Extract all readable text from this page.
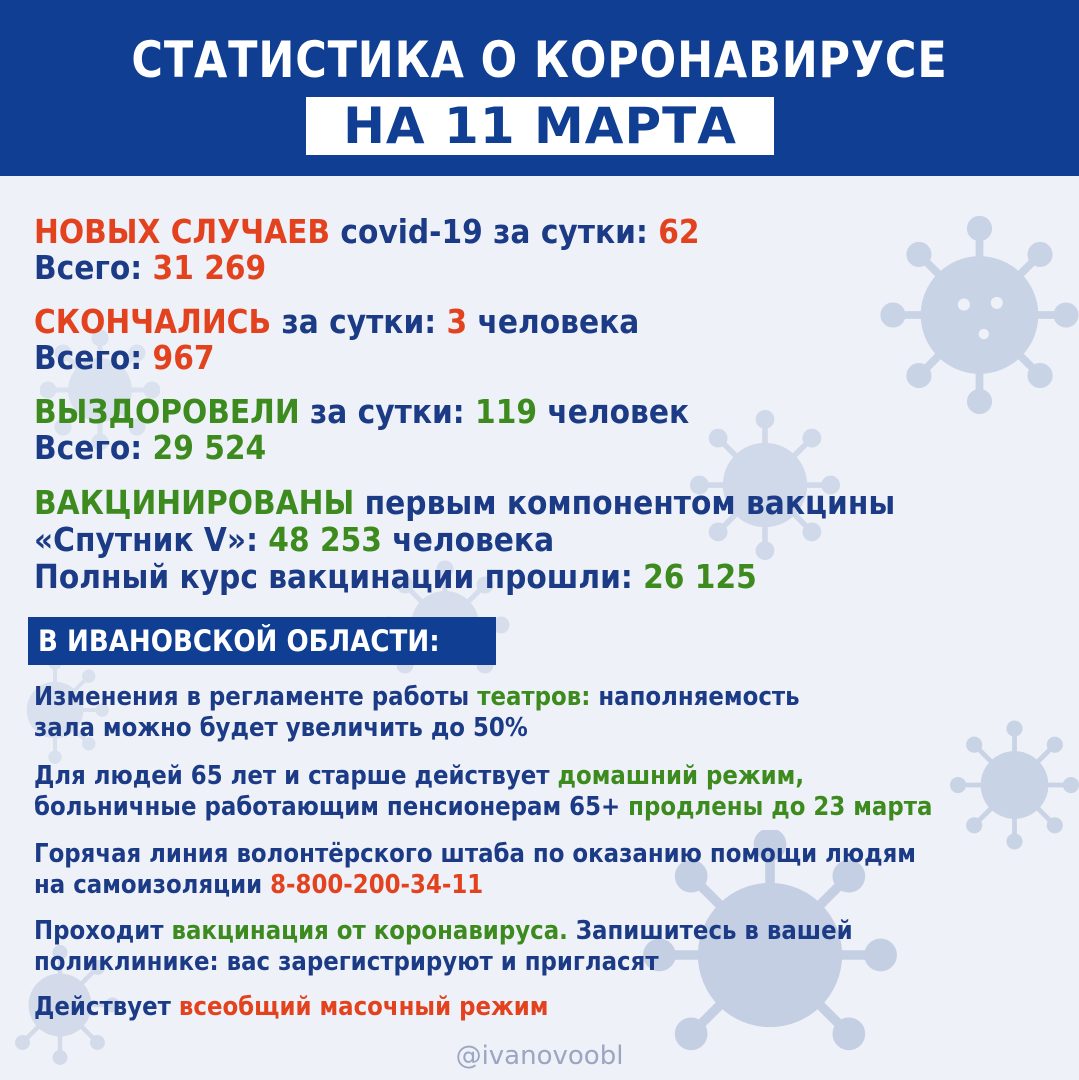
СТАТИСТИКА О КОРОНАВИРУСЕ
НА 11 МАРТА
НОВЫХ СЛУЧАЕВ covid-19 за сутки: 62
Всего: 31 269
СКОНЧАЛИСЬ за сутки: 3 человека
Всего: 967
ВЫЗДОРОВЕЛИ за сутки: 119 человек
Всего: 29 524
ВАКЦИНИРОВАНЫ первым компонентом вакцины
«Спутник V»: 48 253 человека
Полный курс вакцинации прошли: 26 125
В ИВАНОВСКОЙ ОБЛАСТИ:
Изменения в регламенте работы театров: наполняемость
зала можно будет увеличить до 50%
Для людей 65 лет и старше действует домашний режим,
больничные работающим пенсионерам 65+ продлены до 23 марта
Горячая линия волонтёрского штаба по оказанию помощи людям
на самоизоляции 8-800-200-34-11
Проходит вакцинация от коронавируса. Запишитесь в вашей
поликлинике: вас зарегистрируют и пригласят
Действует всеобщий масочный режим
@ivanovoobl
